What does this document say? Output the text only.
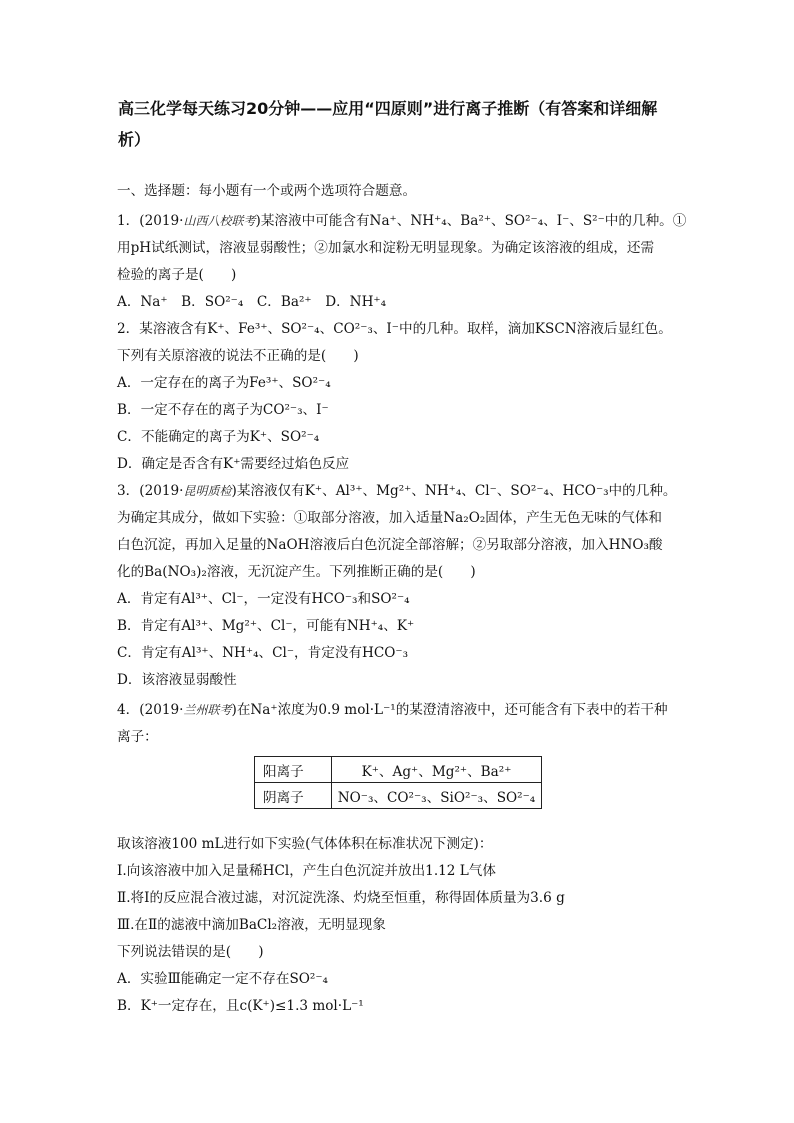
高三化学每天练习20分钟——应用“四原则”进行离子推断（有答案和详细解析）
一、选择题：每小题有一个或两个选项符合题意。
1．(2019·山西八校联考)某溶液中可能含有Na⁺、NH⁺₄、Ba²⁺、SO²⁻₄、I⁻、S²⁻中的几种。①
用pH试纸测试，溶液显弱酸性；②加氯水和淀粉无明显现象。为确定该溶液的组成，还需
检验的离子是(　　)
A．Na⁺　B．SO²⁻₄　C．Ba²⁺　D．NH⁺₄
2．某溶液含有K⁺、Fe³⁺、SO²⁻₄、CO²⁻₃、I⁻中的几种。取样，滴加KSCN溶液后显红色。
下列有关原溶液的说法不正确的是(　　)
A．一定存在的离子为Fe³⁺、SO²⁻₄
B．一定不存在的离子为CO²⁻₃、I⁻
C．不能确定的离子为K⁺、SO²⁻₄
D．确定是否含有K⁺需要经过焰色反应
3．(2019·昆明质检)某溶液仅有K⁺、Al³⁺、Mg²⁺、NH⁺₄、Cl⁻、SO²⁻₄、HCO⁻₃中的几种。
为确定其成分，做如下实验：①取部分溶液，加入适量Na₂O₂固体，产生无色无味的气体和
白色沉淀，再加入足量的NaOH溶液后白色沉淀全部溶解；②另取部分溶液，加入HNO₃酸
化的Ba(NO₃)₂溶液，无沉淀产生。下列推断正确的是(　　)
A．肯定有Al³⁺、Cl⁻，一定没有HCO⁻₃和SO²⁻₄
B．肯定有Al³⁺、Mg²⁺、Cl⁻，可能有NH⁺₄、K⁺
C．肯定有Al³⁺、NH⁺₄、Cl⁻，肯定没有HCO⁻₃
D．该溶液显弱酸性
4．(2019·兰州联考)在Na⁺浓度为0.9 mol·L⁻¹的某澄清溶液中，还可能含有下表中的若干种
离子：
阳离子	K⁺、Ag⁺、Mg²⁺、Ba²⁺
阴离子	NO⁻₃、CO²⁻₃、SiO²⁻₃、SO²⁻₄
取该溶液100 mL进行如下实验(气体体积在标准状况下测定)：
Ⅰ.向该溶液中加入足量稀HCl，产生白色沉淀并放出1.12 L气体
Ⅱ.将Ⅰ的反应混合液过滤，对沉淀洗涤、灼烧至恒重，称得固体质量为3.6 g
Ⅲ.在Ⅱ的滤液中滴加BaCl₂溶液，无明显现象
下列说法错误的是(　　)
A．实验Ⅲ能确定一定不存在SO²⁻₄
B．K⁺一定存在，且c(K⁺)≤1.3 mol·L⁻¹
